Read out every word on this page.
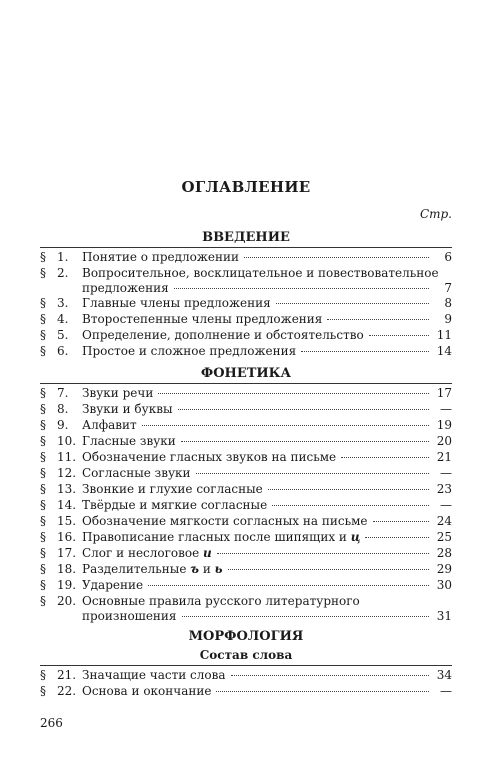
ОГЛАВЛЕНИЕ
Стр.
ВВЕДЕНИЕ
§ 1. Понятие о предложении	6
§ 2. Вопросительное, восклицательное и повествовательное
предложения	7
§ 3. Главные члены предложения	8
§ 4. Второстепенные члены предложения	9
§ 5. Определение, дополнение и обстоятельство	11
§ 6. Простое и сложное предложения	14
ФОНЕТИКА
§ 7. Звуки речи	17
§ 8. Звуки и буквы	—
§ 9. Алфавит	19
§ 10. Гласные звуки	20
§ 11. Обозначение гласных звуков на письме	21
§ 12. Согласные звуки	—
§ 13. Звонкие и глухие согласные	23
§ 14. Твёрдые и мягкие согласные	—
§ 15. Обозначение мягкости согласных на письме	24
§ 16. Правописание гласных после шипящих и ц	25
§ 17. Слог и неслоговое и	28
§ 18. Разделительные ъ и ь	29
§ 19. Ударение	30
§ 20. Основные правила русского литературного
произношения	31
МОРФОЛОГИЯ
Состав слова
§ 21. Значащие части слова	34
§ 22. Основа и окончание	—
266
